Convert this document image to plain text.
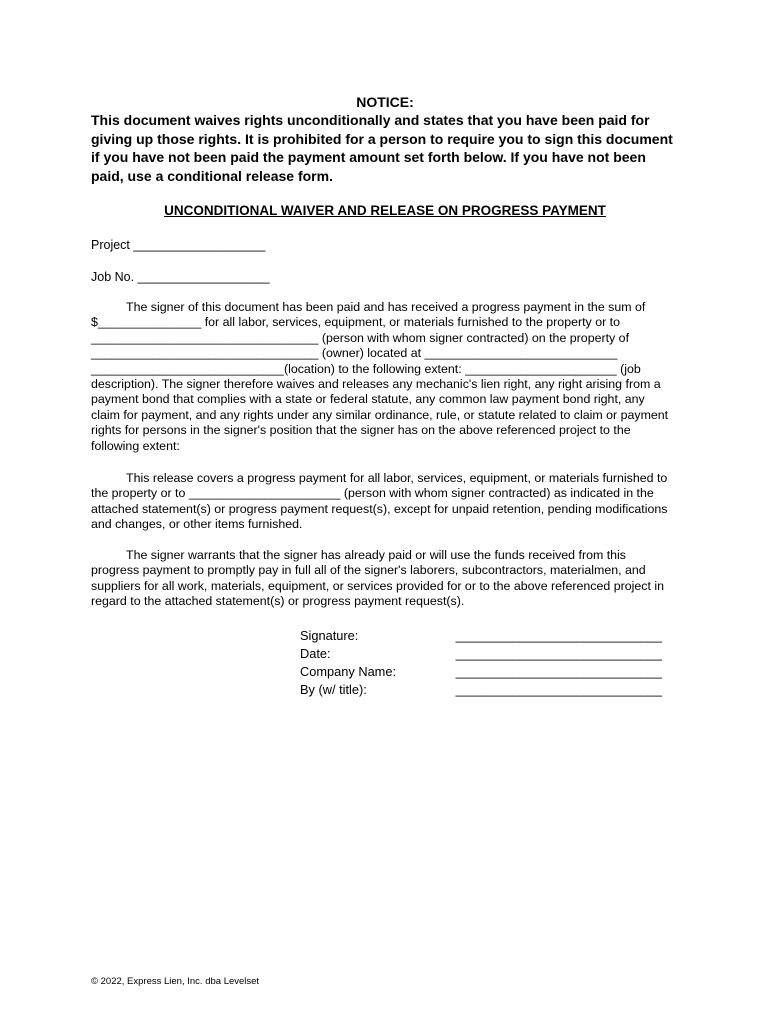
NOTICE:
This document waives rights unconditionally and states that you have been paid for giving up those rights. It is prohibited for a person to require you to sign this document if you have not been paid the payment amount set forth below. If you have not been paid, use a conditional release form.
UNCONDITIONAL WAIVER AND RELEASE ON PROGRESS PAYMENT
Project ___________________
Job No. ___________________
The signer of this document has been paid and has received a progress payment in the sum of $_______________ for all labor, services, equipment, or materials furnished to the property or to _________________________________ (person with whom signer contracted) on the property of _________________________________ (owner) located at ____________________________ ____________________________(location) to the following extent: ______________________ (job description). The signer therefore waives and releases any mechanic's lien right, any right arising from a payment bond that complies with a state or federal statute, any common law payment bond right, any claim for payment, and any rights under any similar ordinance, rule, or statute related to claim or payment rights for persons in the signer's position that the signer has on the above referenced project to the following extent:
This release covers a progress payment for all labor, services, equipment, or materials furnished to the property or to ______________________ (person with whom signer contracted) as indicated in the attached statement(s) or progress payment request(s), except for unpaid retention, pending modifications and changes, or other items furnished.
The signer warrants that the signer has already paid or will use the funds received from this progress payment to promptly pay in full all of the signer's laborers, subcontractors, materialmen, and suppliers for all work, materials, equipment, or services provided for or to the above referenced project in regard to the attached statement(s) or progress payment request(s).
Signature:	_____________________________
Date:	_____________________________
Company Name:	_____________________________
By (w/ title):	_____________________________
© 2022, Express Lien, Inc. dba Levelset
